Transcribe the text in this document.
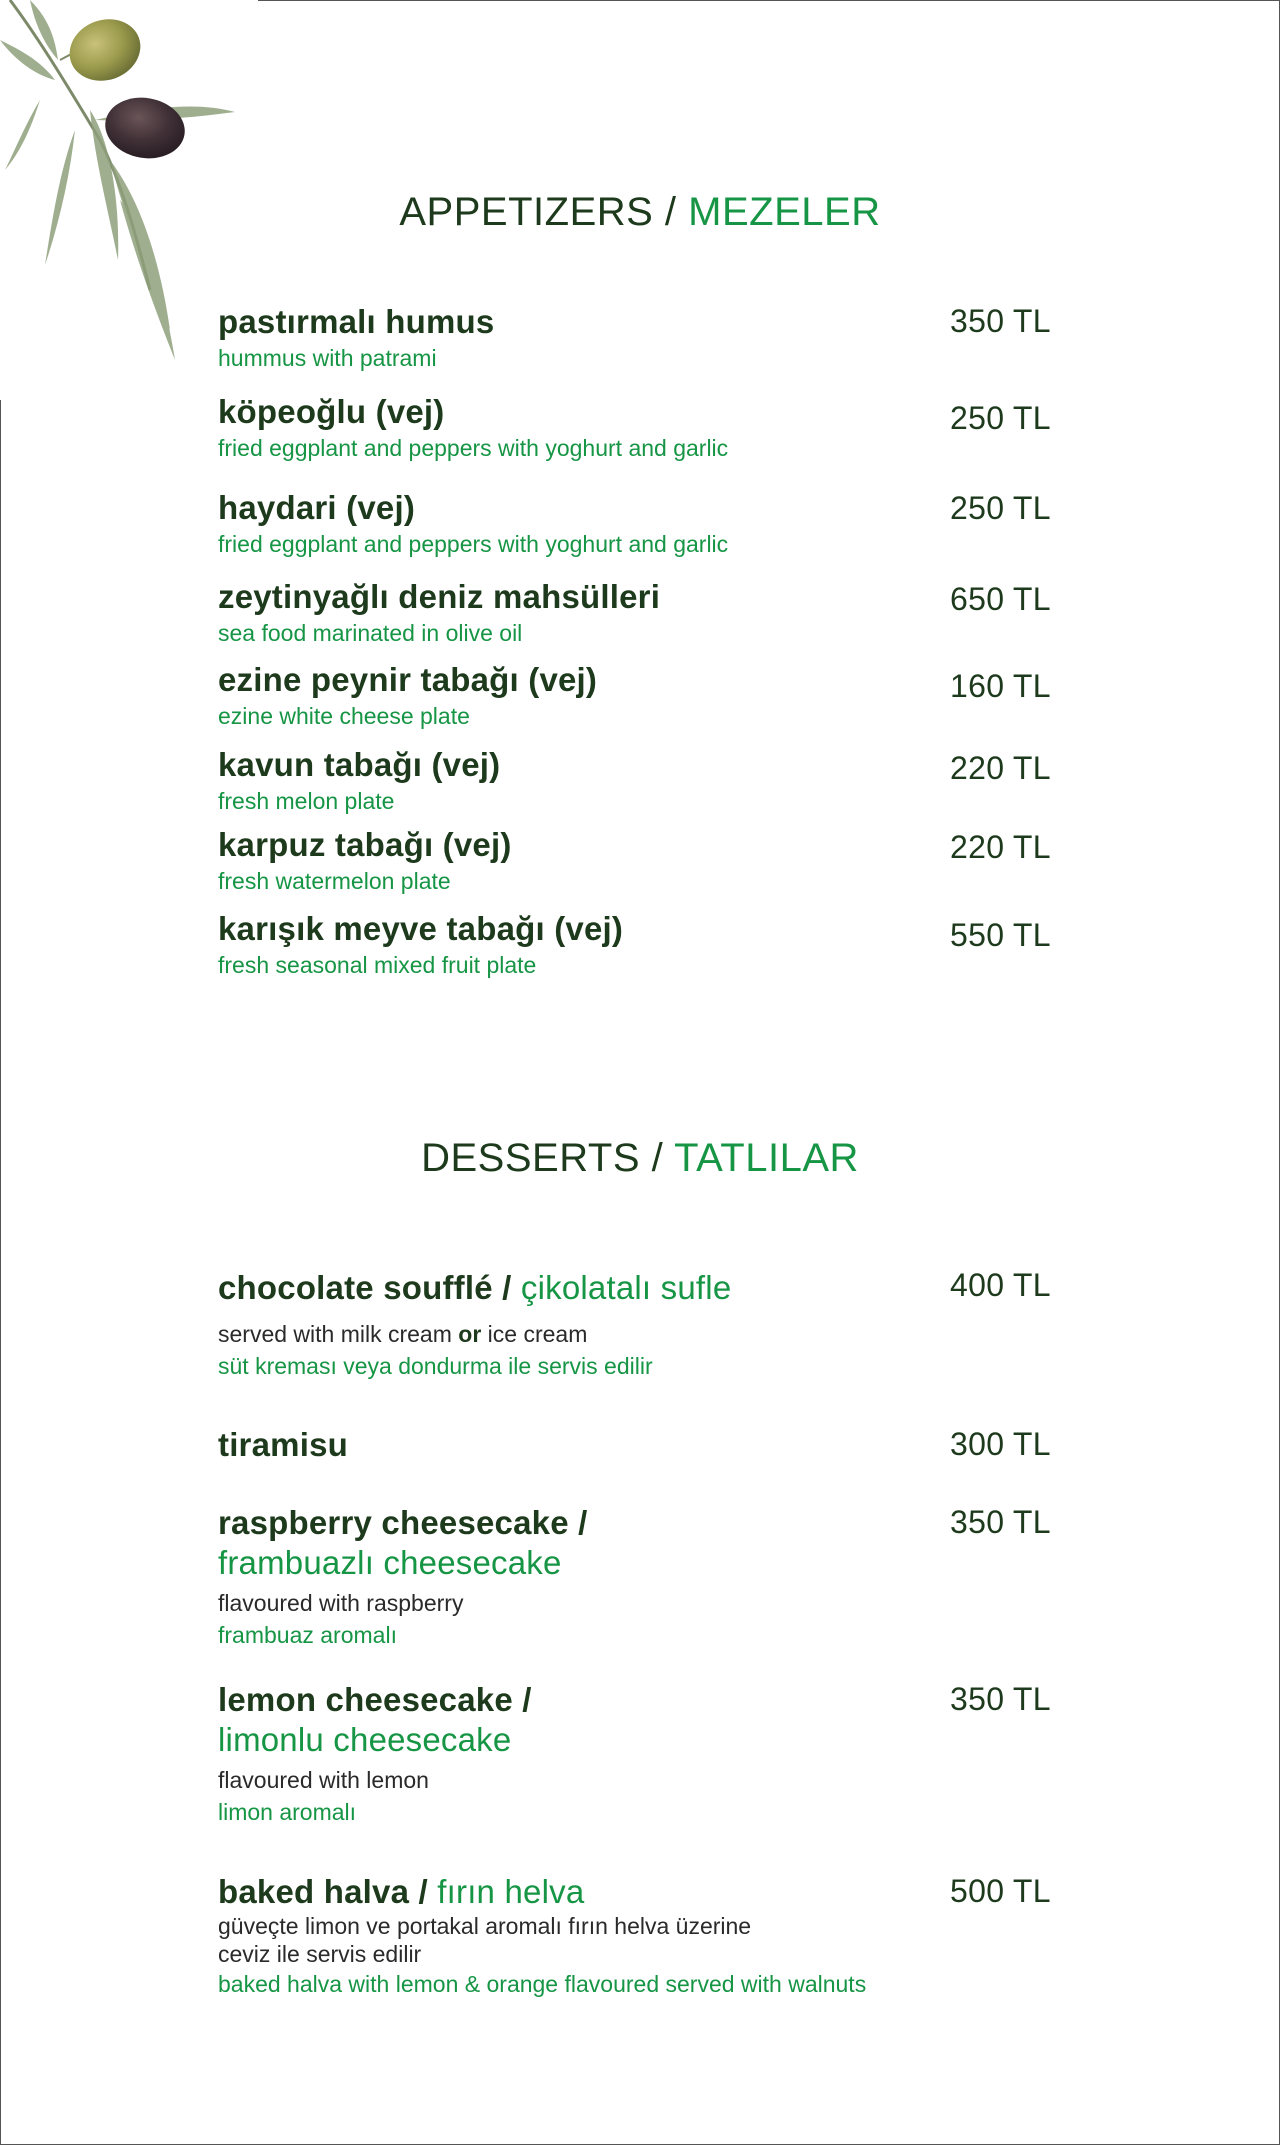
APPETIZERS / MEZELER
pastırmalı humus
hummus with patrami
350 TL
köpeoğlu (vej)
fried eggplant and peppers with yoghurt and garlic
250 TL
haydari (vej)
fried eggplant and peppers with yoghurt and garlic
250 TL
zeytinyağlı deniz mahsülleri
sea food marinated in olive oil
650 TL
ezine peynir tabağı (vej)
ezine white cheese plate
160 TL
kavun tabağı (vej)
fresh melon plate
220 TL
karpuz tabağı (vej)
fresh watermelon plate
220 TL
karışık meyve tabağı (vej)
fresh seasonal mixed fruit plate
550 TL
DESSERTS / TATLILAR
chocolate soufflé / çikolatalı sufle
served with milk cream or ice cream
süt kreması veya dondurma ile servis edilir
400 TL
tiramisu	300 TL
raspberry cheesecake /
frambuazlı cheesecake
flavoured with raspberry
frambuaz aromalı
350 TL
lemon cheesecake /
limonlu cheesecake
flavoured with lemon
limon aromalı
350 TL
baked halva / fırın helva
güveçte limon ve portakal aromalı fırın helva üzerine
ceviz ile servis edilir
baked halva with lemon & orange flavoured served with walnuts
500 TL
